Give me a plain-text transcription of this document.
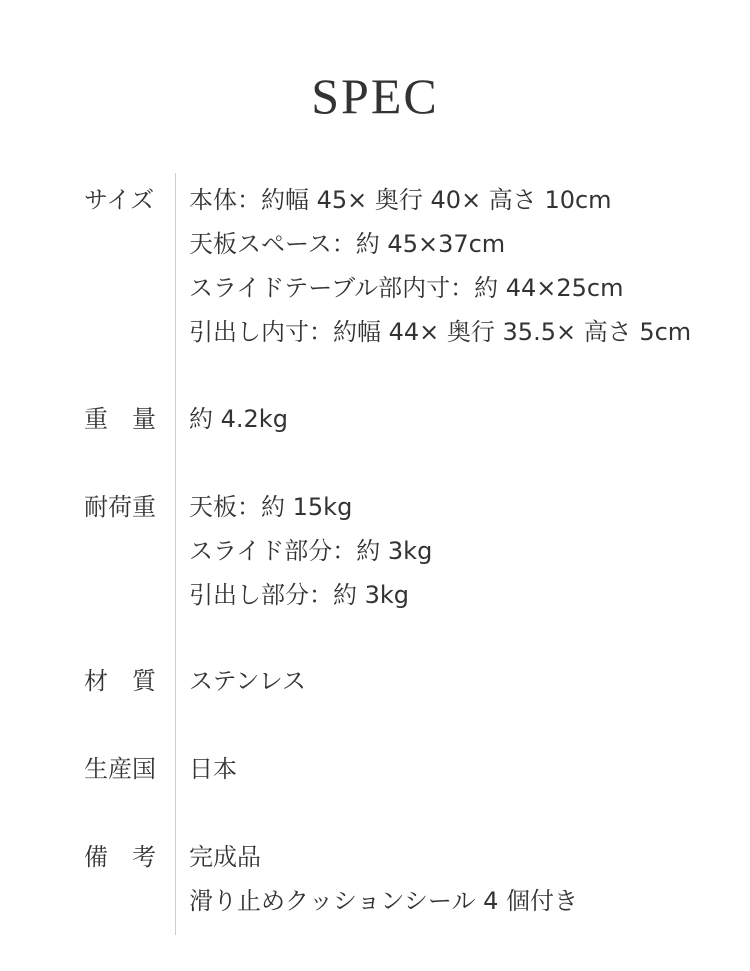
SPEC
サイズ	本体：約幅 45× 奥行 40× 高さ 10cm
天板スペース：約 45×37cm
スライドテーブル部内寸：約 44×25cm
引出し内寸：約幅 44× 奥行 35.5× 高さ 5cm
重　量	約 4.2kg
耐荷重	天板：約 15kg
スライド部分：約 3kg
引出し部分：約 3kg
材　質	ステンレス
生産国	日本
備　考	完成品
滑り止めクッションシール 4 個付き
